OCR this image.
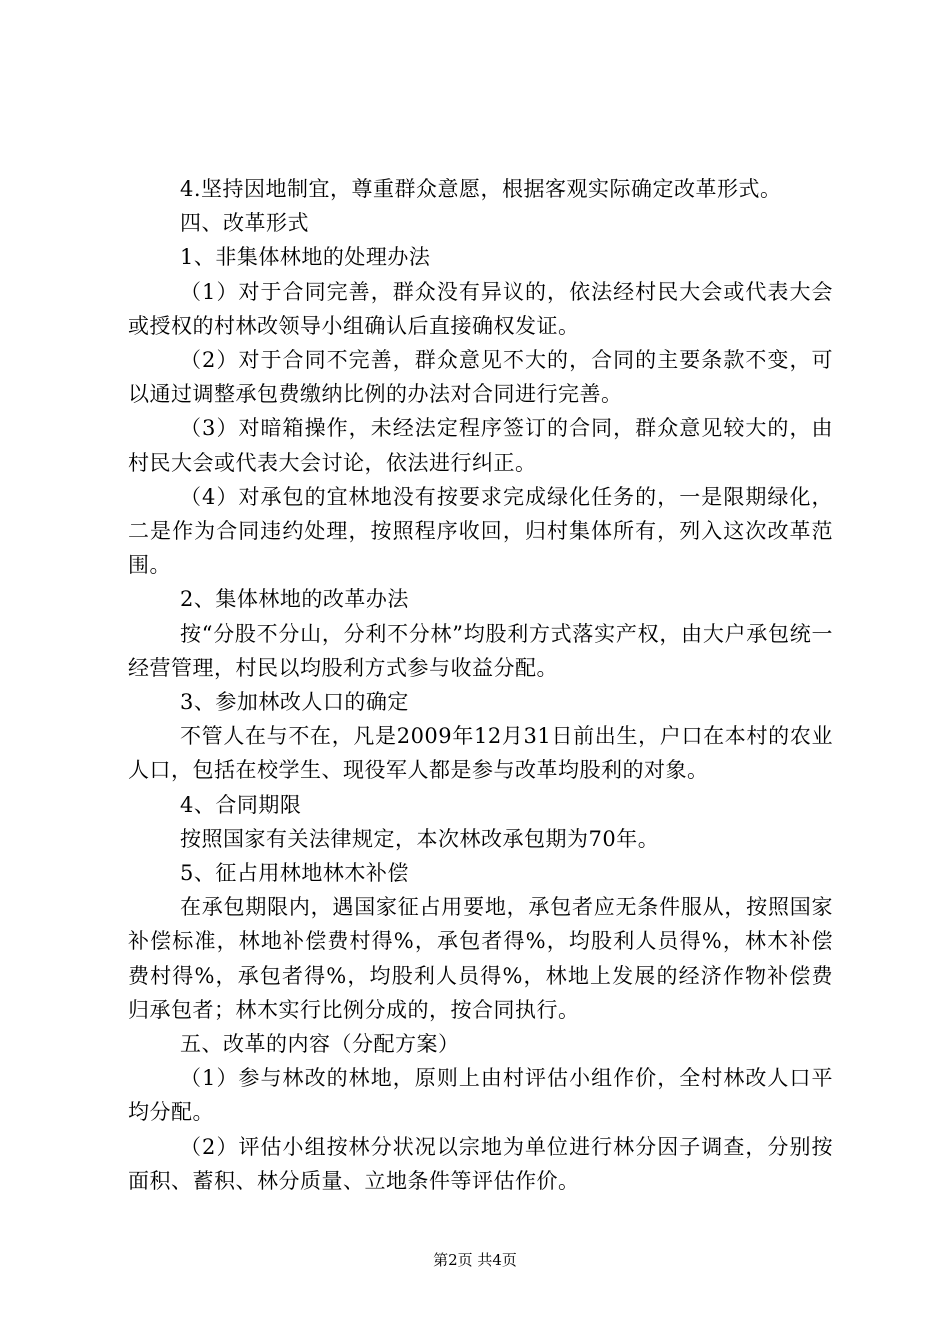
4.坚持因地制宜，尊重群众意愿，根据客观实际确定改革形式。

四、改革形式

1、非集体林地的处理办法

（1）对于合同完善，群众没有异议的，依法经村民大会或代表大会或授权的村林改领导小组确认后直接确权发证。

（2）对于合同不完善，群众意见不大的，合同的主要条款不变，可以通过调整承包费缴纳比例的办法对合同进行完善。

（3）对暗箱操作，未经法定程序签订的合同，群众意见较大的，由村民大会或代表大会讨论，依法进行纠正。

（4）对承包的宜林地没有按要求完成绿化任务的，一是限期绿化，二是作为合同违约处理，按照程序收回，归村集体所有，列入这次改革范围。

2、集体林地的改革办法

按“分股不分山，分利不分林”均股利方式落实产权，由大户承包统一经营管理，村民以均股利方式参与收益分配。

3、参加林改人口的确定

不管人在与不在，凡是2009年12月31日前出生，户口在本村的农业人口，包括在校学生、现役军人都是参与改革均股利的对象。

4、合同期限

按照国家有关法律规定，本次林改承包期为70年。

5、征占用林地林木补偿

在承包期限内，遇国家征占用要地，承包者应无条件服从，按照国家补偿标准，林地补偿费村得%，承包者得%，均股利人员得%，林木补偿费村得%，承包者得%，均股利人员得%，林地上发展的经济作物补偿费归承包者；林木实行比例分成的，按合同执行。

五、改革的内容（分配方案）

（1）参与林改的林地，原则上由村评估小组作价，全村林改人口平均分配。

（2）评估小组按林分状况以宗地为单位进行林分因子调查，分别按面积、蓄积、林分质量、立地条件等评估作价。

第2页 共4页
